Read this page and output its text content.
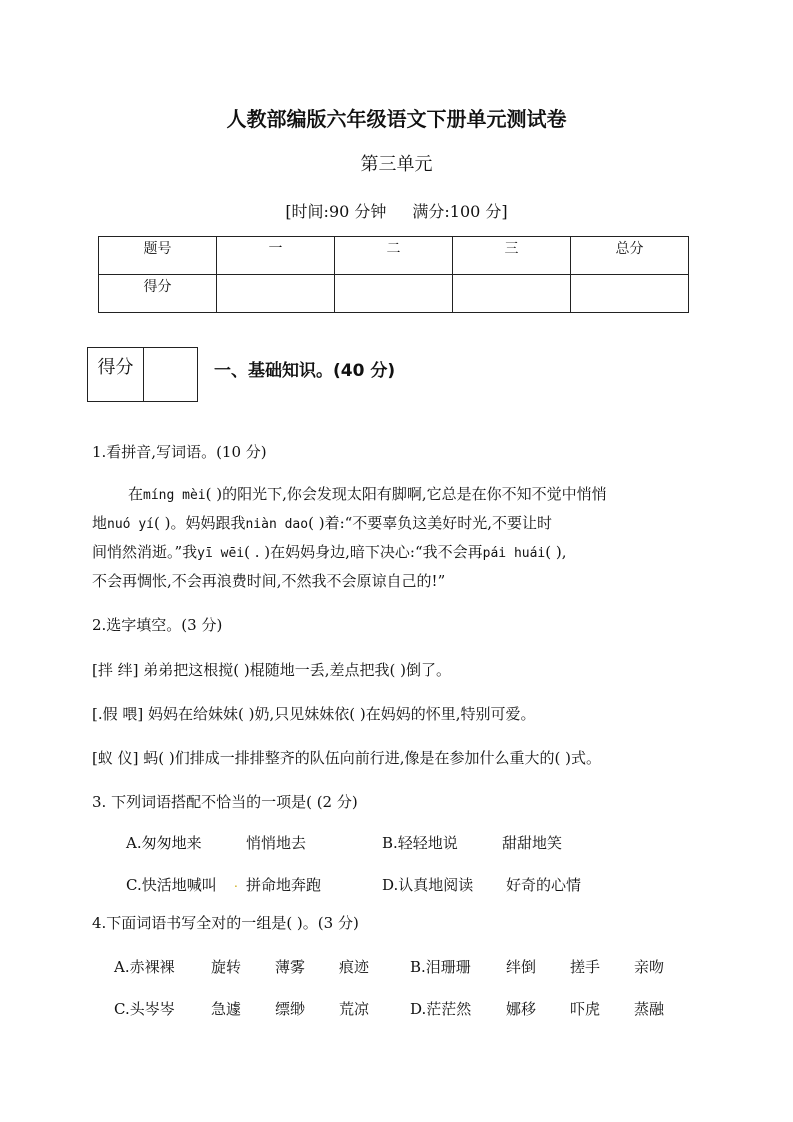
人教部编版六年级语文下册单元测试卷
第三单元
[时间:90 分钟 满分:100 分]
题号	一	二	三	总分
得分				
得分	一、基础知识。(40 分)
1.看拼音,写词语。(10 分)
在míng mèi( )的阳光下,你会发现太阳有脚啊,它总是在你不知不觉中悄悄
地nuó yí( )。妈妈跟我niàn dao( )着:“不要辜负这美好时光,不要让时
间悄然消逝。”我yī wēi( . )在妈妈身边,暗下决心:“我不会再pái huái( ),
不会再惆怅,不会再浪费时间,不然我不会原谅自己的!”
2.选字填空。(3 分)
[拌 绊] 弟弟把这根搅( )棍随地一丢,差点把我( )倒了。
[.假 喂] 妈妈在给妹妹( )奶,只见妹妹依( )在妈妈的怀里,特别可爱。
[蚁 仪] 蚂( )们排成一排排整齐的队伍向前行进,像是在参加什么重大的( )式。
3. 下列词语搭配不恰当的一项是( (2 分)
A.匆匆地来	悄悄地去	B.轻轻地说	甜甜地笑
C.快活地喊叫 . 拼命地奔跑	D.认真地阅读 好奇的心情
4.下面词语书写全对的一组是( )。(3 分)
A.赤裸裸 旋转 薄雾 痕迹	B.泪珊珊 绊倒 搓手 亲吻
C.头岑岑 急遽 缥缈 荒凉	D.茫茫然 娜移 吓虎 蒸融
